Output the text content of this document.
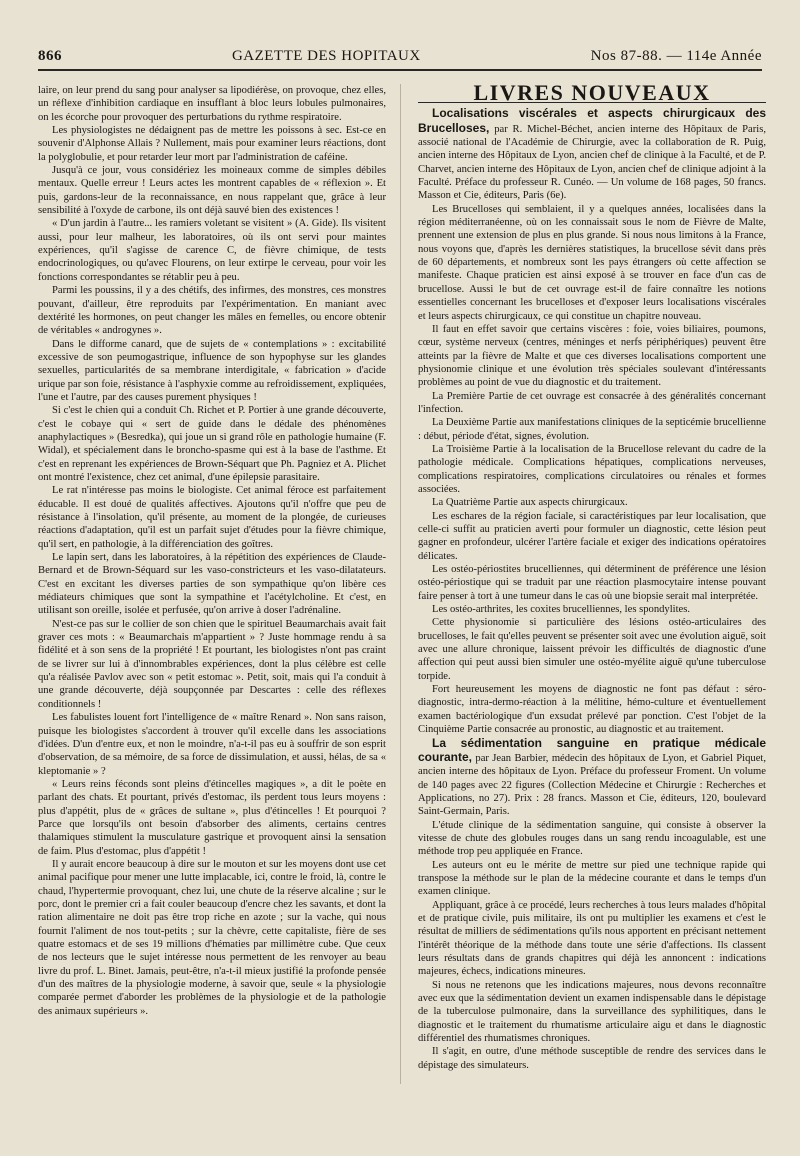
866	GAZETTE DES HOPITAUX	Nos 87-88. — 114e Année

laire, on leur prend du sang pour analyser sa lipodiérèse, on provoque, chez elles, un réflexe d'inhibition cardiaque en insufflant à bloc leurs lobules pulmonaires, on les écorche pour provoquer des perturbations du rythme respiratoire.

Les physiologistes ne dédaignent pas de mettre les poissons à sec. Est-ce en souvenir d'Alphonse Allais ? Nullement, mais pour examiner leurs réactions, dont la polyglobulie, et pour retarder leur mort par l'administration de caféine.

Jusqu'à ce jour, vous considériez les moineaux comme de simples débiles mentaux. Quelle erreur ! Leurs actes les montrent capables de « réflexion ». Et puis, gardons-leur de la reconnaissance, en nous rappelant que, grâce à leur sensibilité à l'oxyde de carbone, ils ont déjà sauvé bien des existences !

« D'un jardin à l'autre... les ramiers voletant se visitent » (A. Gide). Ils visitent aussi, pour leur malheur, les laboratoires, où ils ont servi pour maintes expériences, qu'il s'agisse de carence C, de fièvre chimique, de tests endocrinologiques, ou qu'avec Flourens, on leur extirpe le cerveau, pour voir les fonctions correspondantes se rétablir peu à peu.

Parmi les poussins, il y a des chétifs, des infirmes, des monstres, ces monstres pouvant, d'ailleur, être reproduits par l'expérimentation. En maniant avec dextérité les hormones, on peut changer les mâles en femelles, ou encore obtenir de véritables « androgynes ».

Dans le difforme canard, que de sujets de « contemplations » : excitabilité excessive de son peumogastrique, influence de son hypophyse sur les glandes sexuelles, particularités de sa membrane interdigitale, « fabrication » d'acide urique par son foie, résistance à l'asphyxie comme au refroidissement, expliquées, l'une et l'autre, par des causes purement physiques !

Si c'est le chien qui a conduit Ch. Richet et P. Portier à une grande découverte, c'est le cobaye qui « sert de guide dans le dédale des phénomènes anaphylactiques » (Besredka), qui joue un si grand rôle en pathologie humaine (F. Widal), et spécialement dans le broncho-spasme qui est à la base de l'asthme. Et c'est en reprenant les expériences de Brown-Séquart que Ph. Pagniez et A. Plichet ont montré l'existence, chez cet animal, d'une épilepsie parasitaire.

Le rat n'intéresse pas moins le biologiste. Cet animal féroce est parfaitement éducable. Il est doué de qualités affectives. Ajoutons qu'il n'offre que peu de résistance à l'insolation, qu'il présente, au moment de la plongée, de curieuses réactions d'adaptation, qu'il est un parfait sujet d'études pour la fièvre chimique, qu'il sert, en pathologie, à la différenciation des goîtres.

Le lapin sert, dans les laboratoires, à la répétition des expériences de Claude-Bernard et de Brown-Séquard sur les vaso-constricteurs et les vaso-dilatateurs. C'est en excitant les diverses parties de son sympathique qu'on libère ces médiateurs chimiques que sont la sympathine et l'acétylcholine. Et c'est, en utilisant son oreille, isolée et perfusée, qu'on arrive à doser l'adrénaline.

N'est-ce pas sur le collier de son chien que le spirituel Beaumarchais avait fait graver ces mots : « Beaumarchais m'appartient » ? Juste hommage rendu à sa fidélité et à son sens de la propriété ! Et pourtant, les biologistes n'ont pas craint de se livrer sur lui à d'innombrables expériences, dont la plus célèbre est celle qu'a réalisée Pavlov avec son « petit estomac ». Petit, soit, mais qui l'a conduit à une grande découverte, déjà soupçonnée par Descartes : celle des réflexes conditionnels !

Les fabulistes louent fort l'intelligence de « maître Renard ». Non sans raison, puisque les biologistes s'accordent à trouver qu'il excelle dans les associations d'idées. D'un d'entre eux, et non le moindre, n'a-t-il pas eu à souffrir de son esprit d'observation, de sa mémoire, de sa force de dissimulation, et aussi, hélas, de sa « kleptomanie » ?

« Leurs reins féconds sont pleins d'étincelles magiques », a dit le poète en parlant des chats. Et pourtant, privés d'estomac, ils perdent tous leurs moyens : plus d'appétit, plus de « grâces de sultane », plus d'étincelles ! Et pourquoi ? Parce que lorsqu'ils ont besoin d'absorber des aliments, certains centres thalamiques stimulent la musculature gastrique et provoquent ainsi la sensation de faim. Plus d'estomac, plus d'appétit !

Il y aurait encore beaucoup à dire sur le mouton et sur les moyens dont use cet animal pacifique pour mener une lutte implacable, ici, contre le froid, là, contre le chaud, l'hypertermie provoquant, chez lui, une chute de la réserve alcaline ; sur le porc, dont le premier cri a fait couler beaucoup d'encre chez les savants, et dont la ration alimentaire ne doit pas être trop riche en azote ; sur la vache, qui nous fournit l'aliment de nos tout-petits ; sur la chèvre, cette capitaliste, fière de ses quatre estomacs et de ses 19 millions d'hématies par millimètre cube. Que ceux de nos lecteurs que le sujet intéresse nous permettent de les renvoyer au beau livre du prof. L. Binet. Jamais, peut-être, n'a-t-il mieux justifié la profonde pensée d'un des maîtres de la physiologie moderne, à savoir que, seule « la physiologie comparée permet d'aborder les problèmes de la physiologie et de la pathologie des animaux supérieurs ».

LIVRES NOUVEAUX

Localisations viscérales et aspects chirurgicaux des Brucelloses, par R. Michel-Béchet, ancien interne des Hôpitaux de Paris, associé national de l'Académie de Chirurgie, avec la collaboration de R. Puig, ancien interne des Hôpitaux de Lyon, ancien chef de clinique à la Faculté, et de P. Charvet, ancien interne des Hôpitaux de Lyon, ancien chef de clinique adjoint à la Faculté. Préface du professeur R. Cunéo. — Un volume de 168 pages, 50 francs. Masson et Cie, éditeurs, Paris (6e).

Les Brucelloses qui semblaient, il y a quelques années, localisées dans la région méditerranéenne, où on les connaissait sous le nom de Fièvre de Malte, prennent une extension de plus en plus grande. Si nous nous limitons à la France, nous voyons que, d'après les dernières statistiques, la brucellose sévit dans près de 60 départements, et nombreux sont les pays étrangers où cette affection se manifeste. Chaque praticien est ainsi exposé à se trouver en face d'un cas de brucellose. Aussi le but de cet ouvrage est-il de faire connaître les notions essentielles concernant les brucelloses et d'exposer leurs localisations viscérales et leurs aspects chirurgicaux, ce qui constitue un chapitre nouveau.

Il faut en effet savoir que certains viscères : foie, voies biliaires, poumons, cœur, système nerveux (centres, méninges et nerfs périphériques) peuvent être atteints par la fièvre de Malte et que ces diverses localisations comportent une physionomie clinique et une évolution très spéciales soulevant d'intéressants problèmes au point de vue du diagnostic et du traitement.

La Première Partie de cet ouvrage est consacrée à des généralités concernant l'infection.

La Deuxième Partie aux manifestations cliniques de la septicémie brucellienne : début, période d'état, signes, évolution.

La Troisième Partie à la localisation de la Brucellose relevant du cadre de la pathologie médicale. Complications hépatiques, complications nerveuses, complications respiratoires, complications circulatoires ou rénales et formes associées.

La Quatrième Partie aux aspects chirurgicaux.

Les eschares de la région faciale, si caractéristiques par leur localisation, que celle-ci suffit au praticien averti pour formuler un diagnostic, cette lésion peut gagner en profondeur, ulcérer l'artère faciale et exiger des indications opératoires délicates.

Les ostéo-périostites brucelliennes, qui déterminent de préférence une lésion ostéo-périostique qui se traduit par une réaction plasmocytaire intense pouvant faire penser à tort à une tumeur dans le cas où une biopsie serait mal interprétée.

Les ostéo-arthrites, les coxites brucelliennes, les spondylites.

Cette physionomie si particulière des lésions ostéo-articulaires des brucelloses, le fait qu'elles peuvent se présenter soit avec une évolution aiguë, soit avec une allure chronique, laissent prévoir les difficultés de diagnostic d'une affection qui peut aussi bien simuler une ostéo-myélite aiguë qu'une tuberculose torpide.

Fort heureusement les moyens de diagnostic ne font pas défaut : séro-diagnostic, intra-dermo-réaction à la mélitine, hémo-culture et éventuellement examen bactériologique d'un exsudat prélevé par ponction. C'est l'objet de la Cinquième Partie consacrée au pronostic, au diagnostic et au traitement.

La sédimentation sanguine en pratique médicale courante, par Jean Barbier, médecin des hôpitaux de Lyon, et Gabriel Piquet, ancien interne des hôpitaux de Lyon. Préface du professeur Froment. Un volume de 140 pages avec 22 figures (Collection Médecine et Chirurgie : Recherches et Applications, no 27). Prix : 28 francs. Masson et Cie, éditeurs, 120, boulevard Saint-Germain, Paris.

L'étude clinique de la sédimentation sanguine, qui consiste à observer la vitesse de chute des globules rouges dans un sang rendu incoagulable, est une méthode trop peu appliquée en France.

Les auteurs ont eu le mérite de mettre sur pied une technique rapide qui transpose la méthode sur le plan de la médecine courante et dans le temps d'un examen clinique.

Appliquant, grâce à ce procédé, leurs recherches à tous leurs malades d'hôpital et de pratique civile, puis militaire, ils ont pu multiplier les examens et c'est le résultat de milliers de sédimentations qu'ils nous apportent en précisant nettement l'intérêt théorique de la méthode dans toute une série d'affections. Ils classent leurs résultats dans de grands chapitres qui déjà les annoncent : indications majeures, échecs, indications mineures.

Si nous ne retenons que les indications majeures, nous devons reconnaître avec eux que la sédimentation devient un examen indispensable dans le dépistage de la tuberculose pulmonaire, dans la surveillance des syphilitiques, dans le diagnostic et le traitement du rhumatisme articulaire aigu et dans le diagnostic différentiel des rhumatismes chroniques.

Il s'agit, en outre, d'une méthode susceptible de rendre des services dans le dépistage des simulateurs.
